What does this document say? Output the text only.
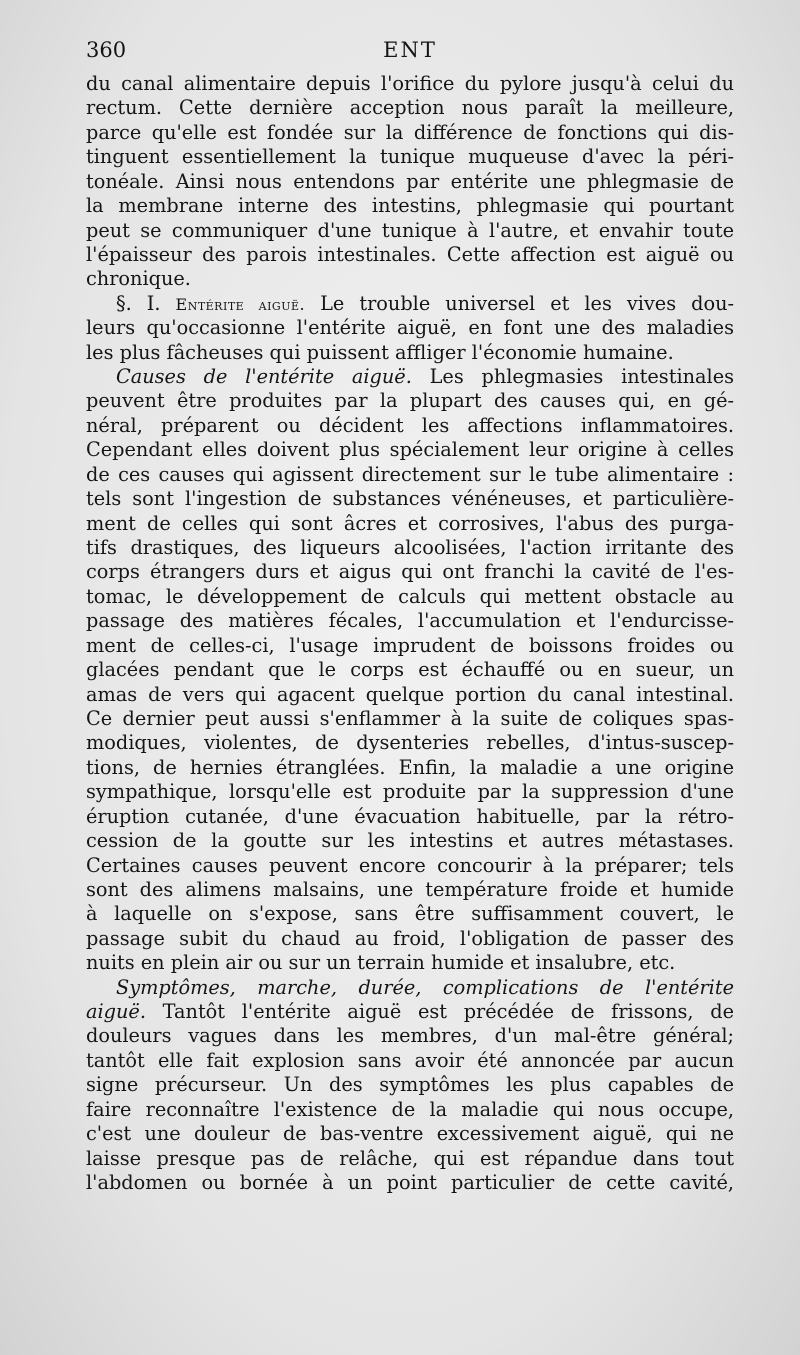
360	ENT
du canal alimentaire depuis l'orifice du pylore jusqu'à celui du
rectum. Cette dernière acception nous paraît la meilleure,
parce qu'elle est fondée sur la différence de fonctions qui dis-
tinguent essentiellement la tunique muqueuse d'avec la péri-
tonéale. Ainsi nous entendons par entérite une phlegmasie de
la membrane interne des intestins, phlegmasie qui pourtant
peut se communiquer d'une tunique à l'autre, et envahir toute
l'épaisseur des parois intestinales. Cette affection est aiguë ou
chronique.
§. I. Entérite aiguë. Le trouble universel et les vives dou-
leurs qu'occasionne l'entérite aiguë, en font une des maladies
les plus fâcheuses qui puissent affliger l'économie humaine.
Causes de l'entérite aiguë. Les phlegmasies intestinales
peuvent être produites par la plupart des causes qui, en gé-
néral, préparent ou décident les affections inflammatoires.
Cependant elles doivent plus spécialement leur origine à celles
de ces causes qui agissent directement sur le tube alimentaire :
tels sont l'ingestion de substances vénéneuses, et particulière-
ment de celles qui sont âcres et corrosives, l'abus des purga-
tifs drastiques, des liqueurs alcoolisées, l'action irritante des
corps étrangers durs et aigus qui ont franchi la cavité de l'es-
tomac, le développement de calculs qui mettent obstacle au
passage des matières fécales, l'accumulation et l'endurcisse-
ment de celles-ci, l'usage imprudent de boissons froides ou
glacées pendant que le corps est échauffé ou en sueur, un
amas de vers qui agacent quelque portion du canal intestinal.
Ce dernier peut aussi s'enflammer à la suite de coliques spas-
modiques, violentes, de dysenteries rebelles, d'intus-suscep-
tions, de hernies étranglées. Enfin, la maladie a une origine
sympathique, lorsqu'elle est produite par la suppression d'une
éruption cutanée, d'une évacuation habituelle, par la rétro-
cession de la goutte sur les intestins et autres métastases.
Certaines causes peuvent encore concourir à la préparer; tels
sont des alimens malsains, une température froide et humide
à laquelle on s'expose, sans être suffisamment couvert, le
passage subit du chaud au froid, l'obligation de passer des
nuits en plein air ou sur un terrain humide et insalubre, etc.
Symptômes, marche, durée, complications de l'entérite
aiguë. Tantôt l'entérite aiguë est précédée de frissons, de
douleurs vagues dans les membres, d'un mal-être général;
tantôt elle fait explosion sans avoir été annoncée par aucun
signe précurseur. Un des symptômes les plus capables de
faire reconnaître l'existence de la maladie qui nous occupe,
c'est une douleur de bas-ventre excessivement aiguë, qui ne
laisse presque pas de relâche, qui est répandue dans tout
l'abdomen ou bornée à un point particulier de cette cavité,
